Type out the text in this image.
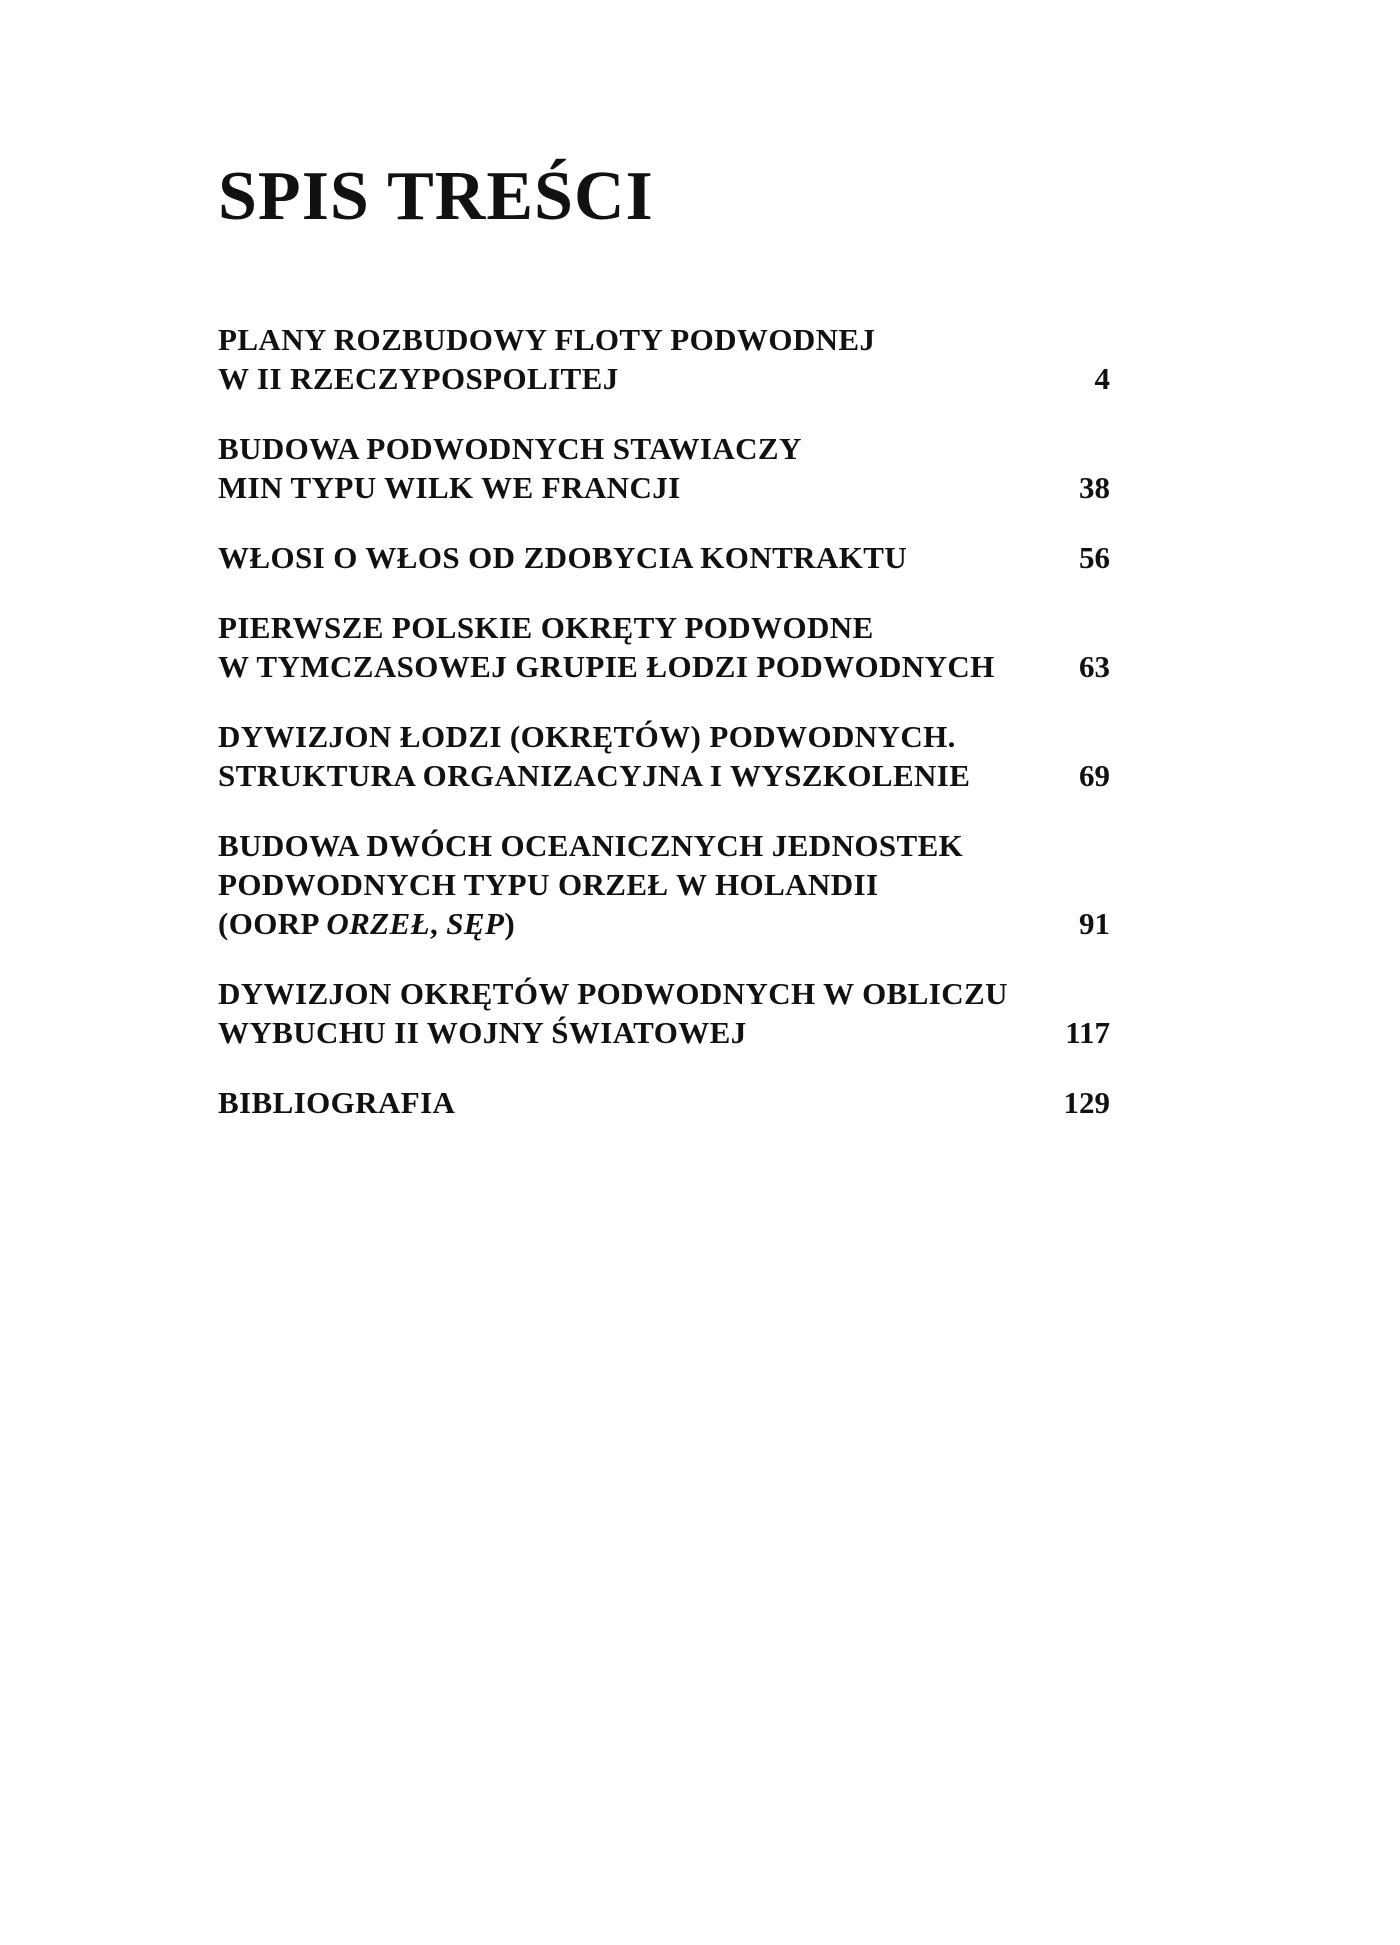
SPIS TREŚCI
PLANY ROZBUDOWY FLOTY PODWODNEJ
W II RZECZYPOSPOLITEJ	4
BUDOWA PODWODNYCH STAWIACZY
MIN TYPU WILK WE FRANCJI	38
WŁOSI O WŁOS OD ZDOBYCIA KONTRAKTU	56
PIERWSZE POLSKIE OKRĘTY PODWODNE
W TYMCZASOWEJ GRUPIE ŁODZI PODWODNYCH	63
DYWIZJON ŁODZI (OKRĘTÓW) PODWODNYCH.
STRUKTURA ORGANIZACYJNA I WYSZKOLENIE	69
BUDOWA DWÓCH OCEANICZNYCH JEDNOSTEK
PODWODNYCH TYPU ORZEŁ W HOLANDII
(OORP ORZEŁ, SĘP)	91
DYWIZJON OKRĘTÓW PODWODNYCH W OBLICZU
WYBUCHU II WOJNY ŚWIATOWEJ	117
BIBLIOGRAFIA	129
